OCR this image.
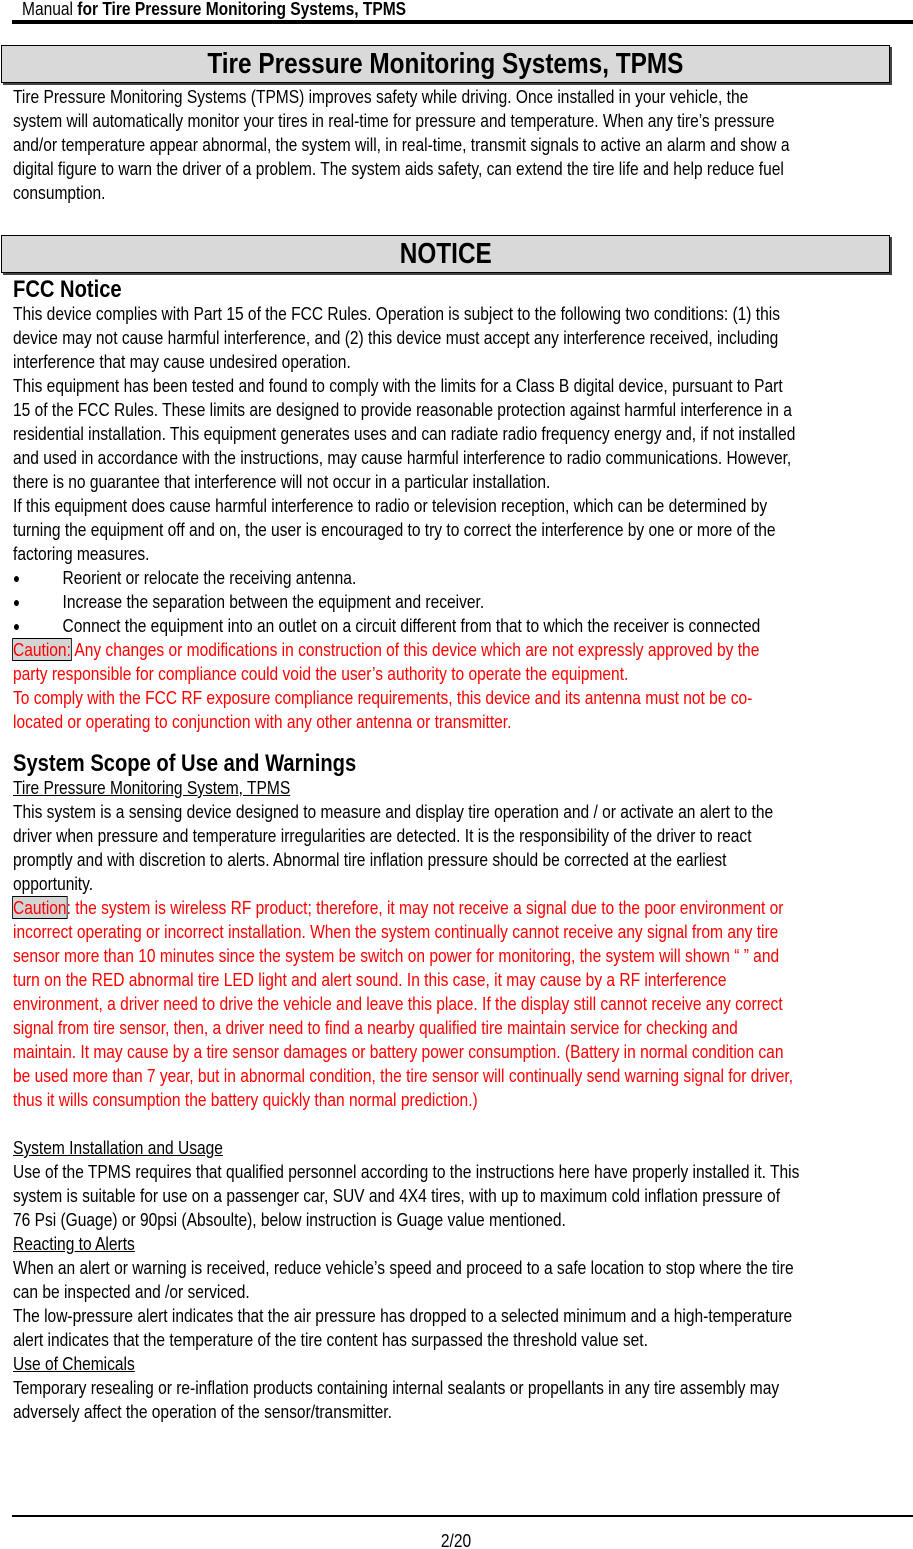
Manual for Tire Pressure Monitoring Systems, TPMS
Tire Pressure Monitoring Systems, TPMS
Tire Pressure Monitoring Systems (TPMS) improves safety while driving. Once installed in your vehicle, the
system will automatically monitor your tires in real-time for pressure and temperature. When any tire’s pressure
and/or temperature appear abnormal, the system will, in real-time, transmit signals to active an alarm and show a
digital figure to warn the driver of a problem. The system aids safety, can extend the tire life and help reduce fuel
consumption.
NOTICE
FCC Notice
This device complies with Part 15 of the FCC Rules. Operation is subject to the following two conditions: (1) this
device may not cause harmful interference, and (2) this device must accept any interference received, including
interference that may cause undesired operation.
This equipment has been tested and found to comply with the limits for a Class B digital device, pursuant to Part
15 of the FCC Rules. These limits are designed to provide reasonable protection against harmful interference in a
residential installation. This equipment generates uses and can radiate radio frequency energy and, if not installed
and used in accordance with the instructions, may cause harmful interference to radio communications. However,
there is no guarantee that interference will not occur in a particular installation.
If this equipment does cause harmful interference to radio or television reception, which can be determined by
turning the equipment off and on, the user is encouraged to try to correct the interference by one or more of the
factoring measures.
● Reorient or relocate the receiving antenna.
● Increase the separation between the equipment and receiver.
● Connect the equipment into an outlet on a circuit different from that to which the receiver is connected
Caution: Any changes or modifications in construction of this device which are not expressly approved by the
party responsible for compliance could void the user’s authority to operate the equipment.
To comply with the FCC RF exposure compliance requirements, this device and its antenna must not be co-
located or operating to conjunction with any other antenna or transmitter.
System Scope of Use and Warnings
Tire Pressure Monitoring System, TPMS
This system is a sensing device designed to measure and display tire operation and / or activate an alert to the
driver when pressure and temperature irregularities are detected. It is the responsibility of the driver to react
promptly and with discretion to alerts. Abnormal tire inflation pressure should be corrected at the earliest
opportunity.
Caution: the system is wireless RF product; therefore, it may not receive a signal due to the poor environment or
incorrect operating or incorrect installation. When the system continually cannot receive any signal from any tire
sensor more than 10 minutes since the system be switch on power for monitoring, the system will shown “ ” and
turn on the RED abnormal tire LED light and alert sound. In this case, it may cause by a RF interference
environment, a driver need to drive the vehicle and leave this place. If the display still cannot receive any correct
signal from tire sensor, then, a driver need to find a nearby qualified tire maintain service for checking and
maintain. It may cause by a tire sensor damages or battery power consumption. (Battery in normal condition can
be used more than 7 year, but in abnormal condition, the tire sensor will continually send warning signal for driver,
thus it wills consumption the battery quickly than normal prediction.)
System Installation and Usage
Use of the TPMS requires that qualified personnel according to the instructions here have properly installed it. This
system is suitable for use on a passenger car, SUV and 4X4 tires, with up to maximum cold inflation pressure of
76 Psi (Guage) or 90psi (Absoulte), below instruction is Guage value mentioned.
Reacting to Alerts
When an alert or warning is received, reduce vehicle’s speed and proceed to a safe location to stop where the tire
can be inspected and /or serviced.
The low-pressure alert indicates that the air pressure has dropped to a selected minimum and a high-temperature
alert indicates that the temperature of the tire content has surpassed the threshold value set.
Use of Chemicals
Temporary resealing or re-inflation products containing internal sealants or propellants in any tire assembly may
adversely affect the operation of the sensor/transmitter.
2/20
